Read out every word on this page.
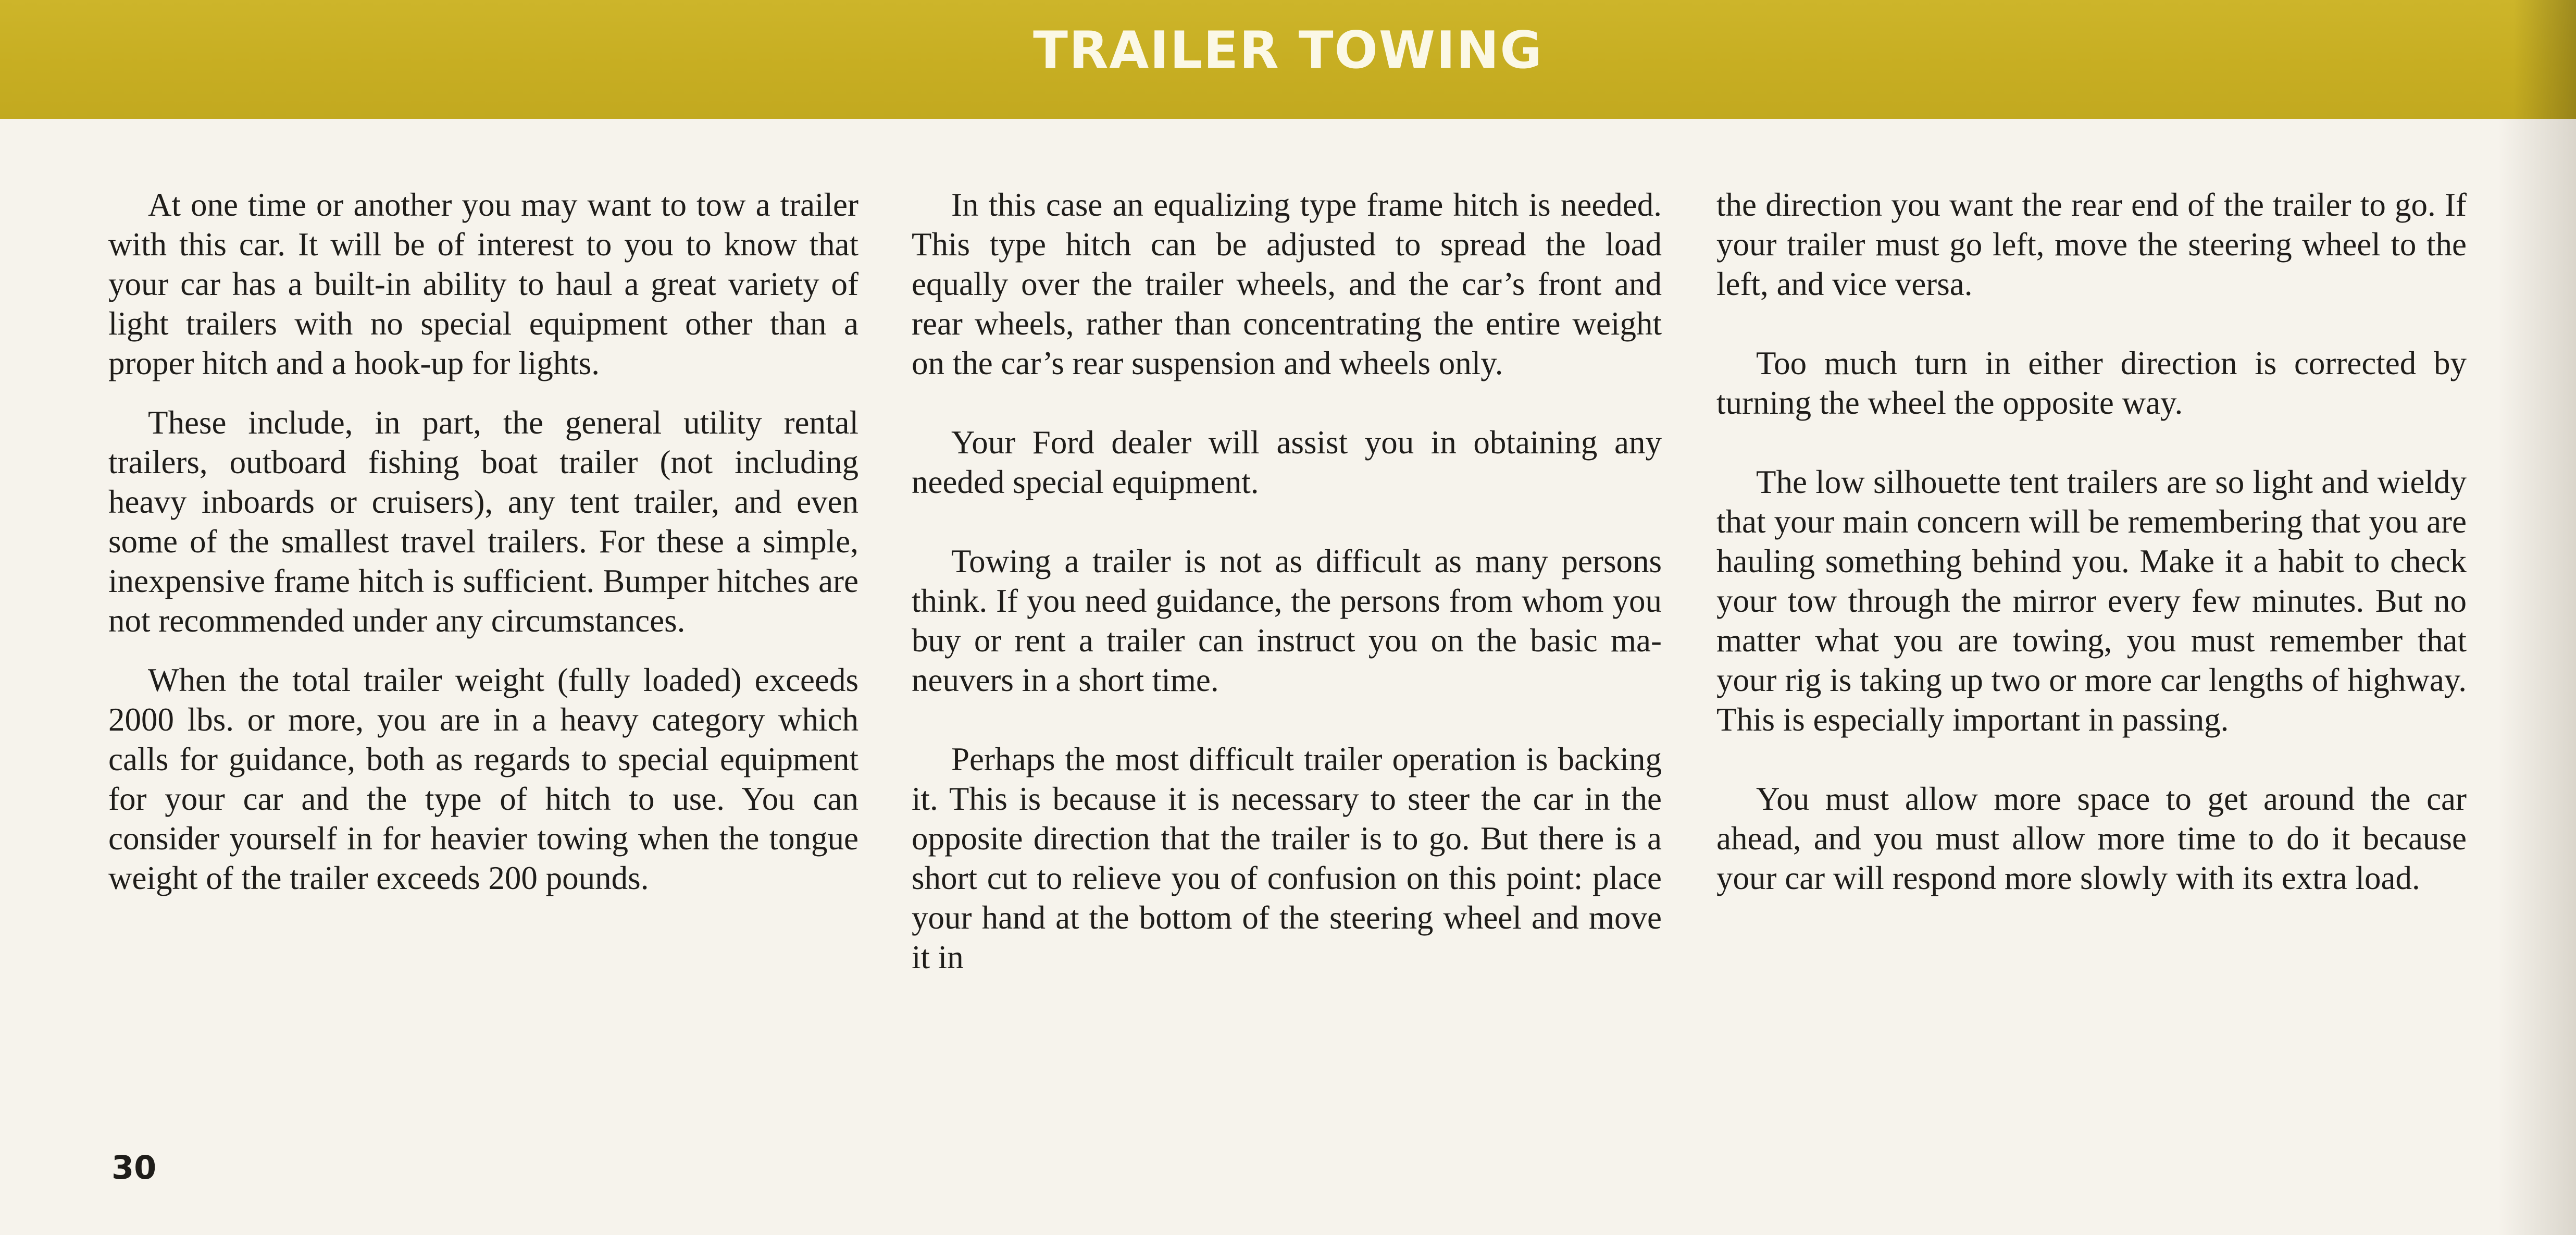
TRAILER TOWING

At one time or another you may want to tow a trailer with this car. It will be of interest to you to know that your car has a built-in ability to haul a great variety of light trailers with no special equipment other than a proper hitch and a hook-up for lights.

These include, in part, the general utility rental trailers, outboard fishing boat trailer (not including heavy inboards or cruisers), any tent trailer, and even some of the smallest travel trailers. For these a simple, inexpensive frame hitch is sufficient. Bumper hitches are not recommended under any circumstances.

When the total trailer weight (fully loaded) exceeds 2000 lbs. or more, you are in a heavy category which calls for guidance, both as regards to special equipment for your car and the type of hitch to use. You can consider yourself in for heavier towing when the tongue weight of the trailer exceeds 200 pounds.

In this case an equalizing type frame hitch is needed. This type hitch can be adjusted to spread the load equally over the trailer wheels, and the car’s front and rear wheels, rather than concentrating the entire weight on the car’s rear suspension and wheels only.

Your Ford dealer will assist you in obtaining any needed special equipment.

Towing a trailer is not as difficult as many persons think. If you need guidance, the persons from whom you buy or rent a trailer can instruct you on the basic maneuvers in a short time.

Perhaps the most difficult trailer operation is backing it. This is because it is necessary to steer the car in the opposite direction that the trailer is to go. But there is a short cut to relieve you of confusion on this point: place your hand at the bottom of the steering wheel and move it in

the direction you want the rear end of the trailer to go. If your trailer must go left, move the steering wheel to the left, and vice versa.

Too much turn in either direction is corrected by turning the wheel the opposite way.

The low silhouette tent trailers are so light and wieldy that your main concern will be remembering that you are hauling something behind you. Make it a habit to check your tow through the mirror every few minutes. But no matter what you are towing, you must remember that your rig is taking up two or more car lengths of highway. This is especially important in passing.

You must allow more space to get around the car ahead, and you must allow more time to do it because your car will respond more slowly with its extra load.

30
